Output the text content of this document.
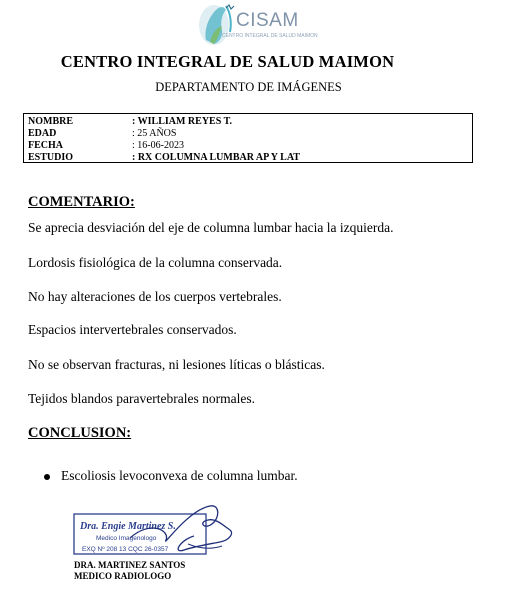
CISAM
CENTRO INTEGRAL DE SALUD MAIMON
CENTRO INTEGRAL DE SALUD MAIMON
DEPARTAMENTO DE IMÁGENES
NOMBRE	: WILLIAM REYES T.
EDAD	: 25 AÑOS
FECHA	: 16-06-2023
ESTUDIO	: RX COLUMNA LUMBAR AP Y LAT
COMENTARIO:
Se aprecia desviación del eje de columna lumbar hacia la izquierda.
Lordosis fisiológica de la columna conservada.
No hay alteraciones de los cuerpos vertebrales.
Espacios intervertebrales conservados.
No se observan fracturas, ni lesiones líticas o blásticas.
Tejidos blandos paravertebrales normales.
CONCLUSION:
Escoliosis levoconvexa de columna lumbar.
Dra. Engie Martinez S.
Medico Imagenologo
EXQ Nº 208 13 CQC 26-0357
DRA. MARTINEZ SANTOS
MEDICO RADIOLOGO
